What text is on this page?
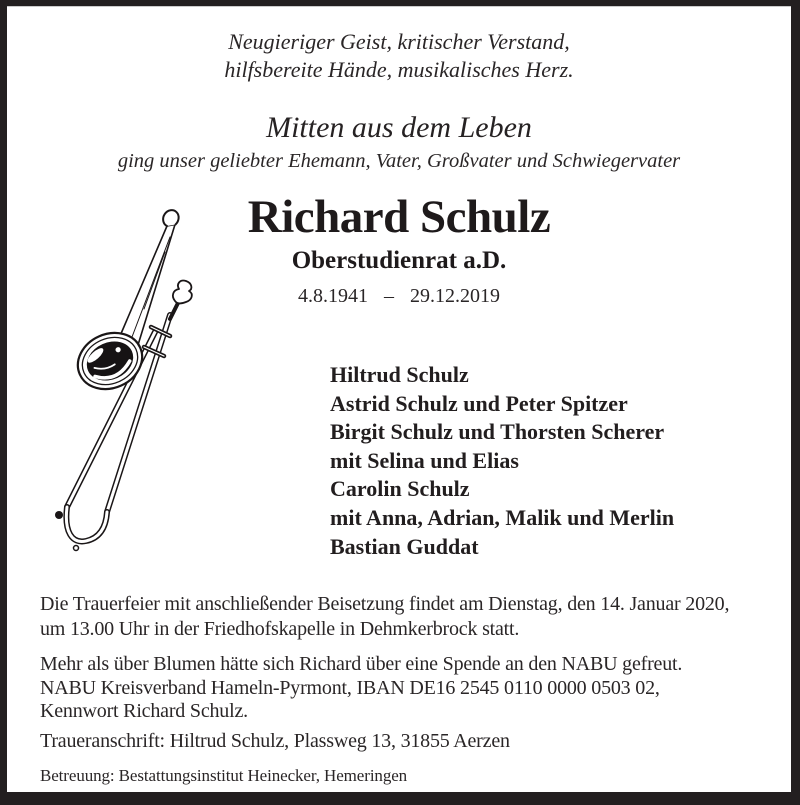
Neugieriger Geist, kritischer Verstand,
hilfsbereite Hände, musikalisches Herz.
Mitten aus dem Leben
ging unser geliebter Ehemann, Vater, Großvater und Schwiegervater
Richard Schulz
Oberstudienrat a.D.
4.8.1941 – 29.12.2019
Hiltrud Schulz
Astrid Schulz und Peter Spitzer
Birgit Schulz und Thorsten Scherer
mit Selina und Elias
Carolin Schulz
mit Anna, Adrian, Malik und Merlin
Bastian Guddat
Die Trauerfeier mit anschließender Beisetzung findet am Dienstag, den 14. Januar 2020,
um 13.00 Uhr in der Friedhofskapelle in Dehmkerbrock statt.
Mehr als über Blumen hätte sich Richard über eine Spende an den NABU gefreut.
NABU Kreisverband Hameln-Pyrmont, IBAN DE16 2545 0110 0000 0503 02,
Kennwort Richard Schulz.
Traueranschrift: Hiltrud Schulz, Plassweg 13, 31855 Aerzen
Betreuung: Bestattungsinstitut Heinecker, Hemeringen
